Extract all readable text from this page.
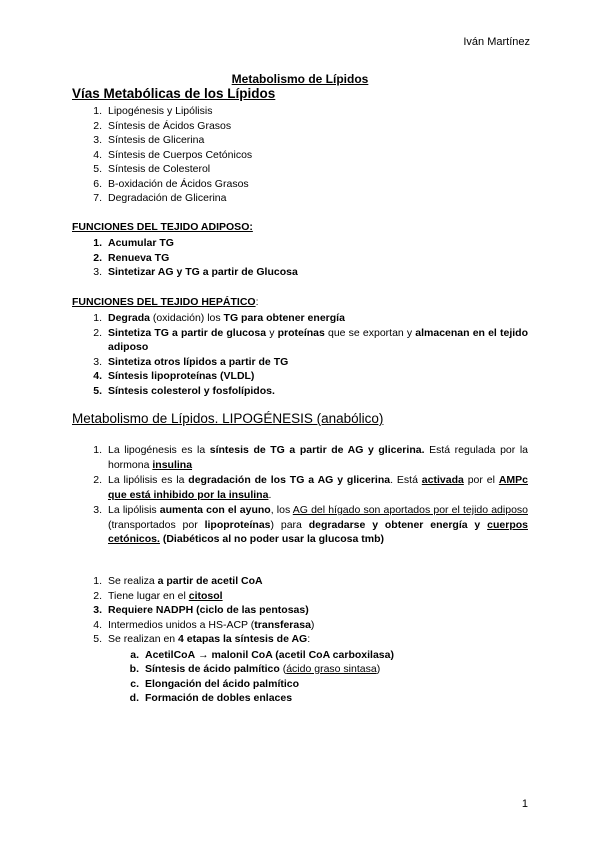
Iván Martínez
Metabolismo de Lípidos
Vías Metabólicas de los Lípidos
1. Lipogénesis y Lipólisis
2. Síntesis de Ácidos Grasos
3. Síntesis de Glicerina
4. Síntesis de Cuerpos Cetónicos
5. Síntesis de Colesterol
6. B-oxidación de Ácidos Grasos
7. Degradación de Glicerina
FUNCIONES DEL TEJIDO ADIPOSO:
1. Acumular TG
2. Renueva TG
3. Sintetizar AG y TG a partir de Glucosa
FUNCIONES DEL TEJIDO HEPÁTICO:
1. Degrada (oxidación) los TG para obtener energía
2. Sintetiza TG a partir de glucosa y proteínas que se exportan y almacenan en el tejido adiposo
3. Sintetiza otros lípidos a partir de TG
4. Síntesis lipoproteínas (VLDL)
5. Síntesis colesterol y fosfolípidos.
Metabolismo de Lípidos. LIPOGÉNESIS (anabólico)
1. La lipogénesis es la síntesis de TG a partir de AG y glicerina. Está regulada por la hormona insulina
2. La lipólisis es la degradación de los TG a AG y glicerina. Está activada por el AMPc que está inhibido por la insulina.
3. La lipólisis aumenta con el ayuno, los AG del hígado son aportados por el tejido adiposo (transportados por lipoproteínas) para degradarse y obtener energía y cuerpos cetónicos. (Diabéticos al no poder usar la glucosa tmb)
1. Se realiza a partir de acetil CoA
2. Tiene lugar en el citosol
3. Requiere NADPH (ciclo de las pentosas)
4. Intermedios unidos a HS-ACP (transferasa)
5. Se realizan en 4 etapas la síntesis de AG:
a. AcetilCoA → malonil CoA (acetil CoA carboxilasa)
b. Síntesis de ácido palmítico (ácido graso sintasa)
c. Elongación del ácido palmítico
d. Formación de dobles enlaces
1
